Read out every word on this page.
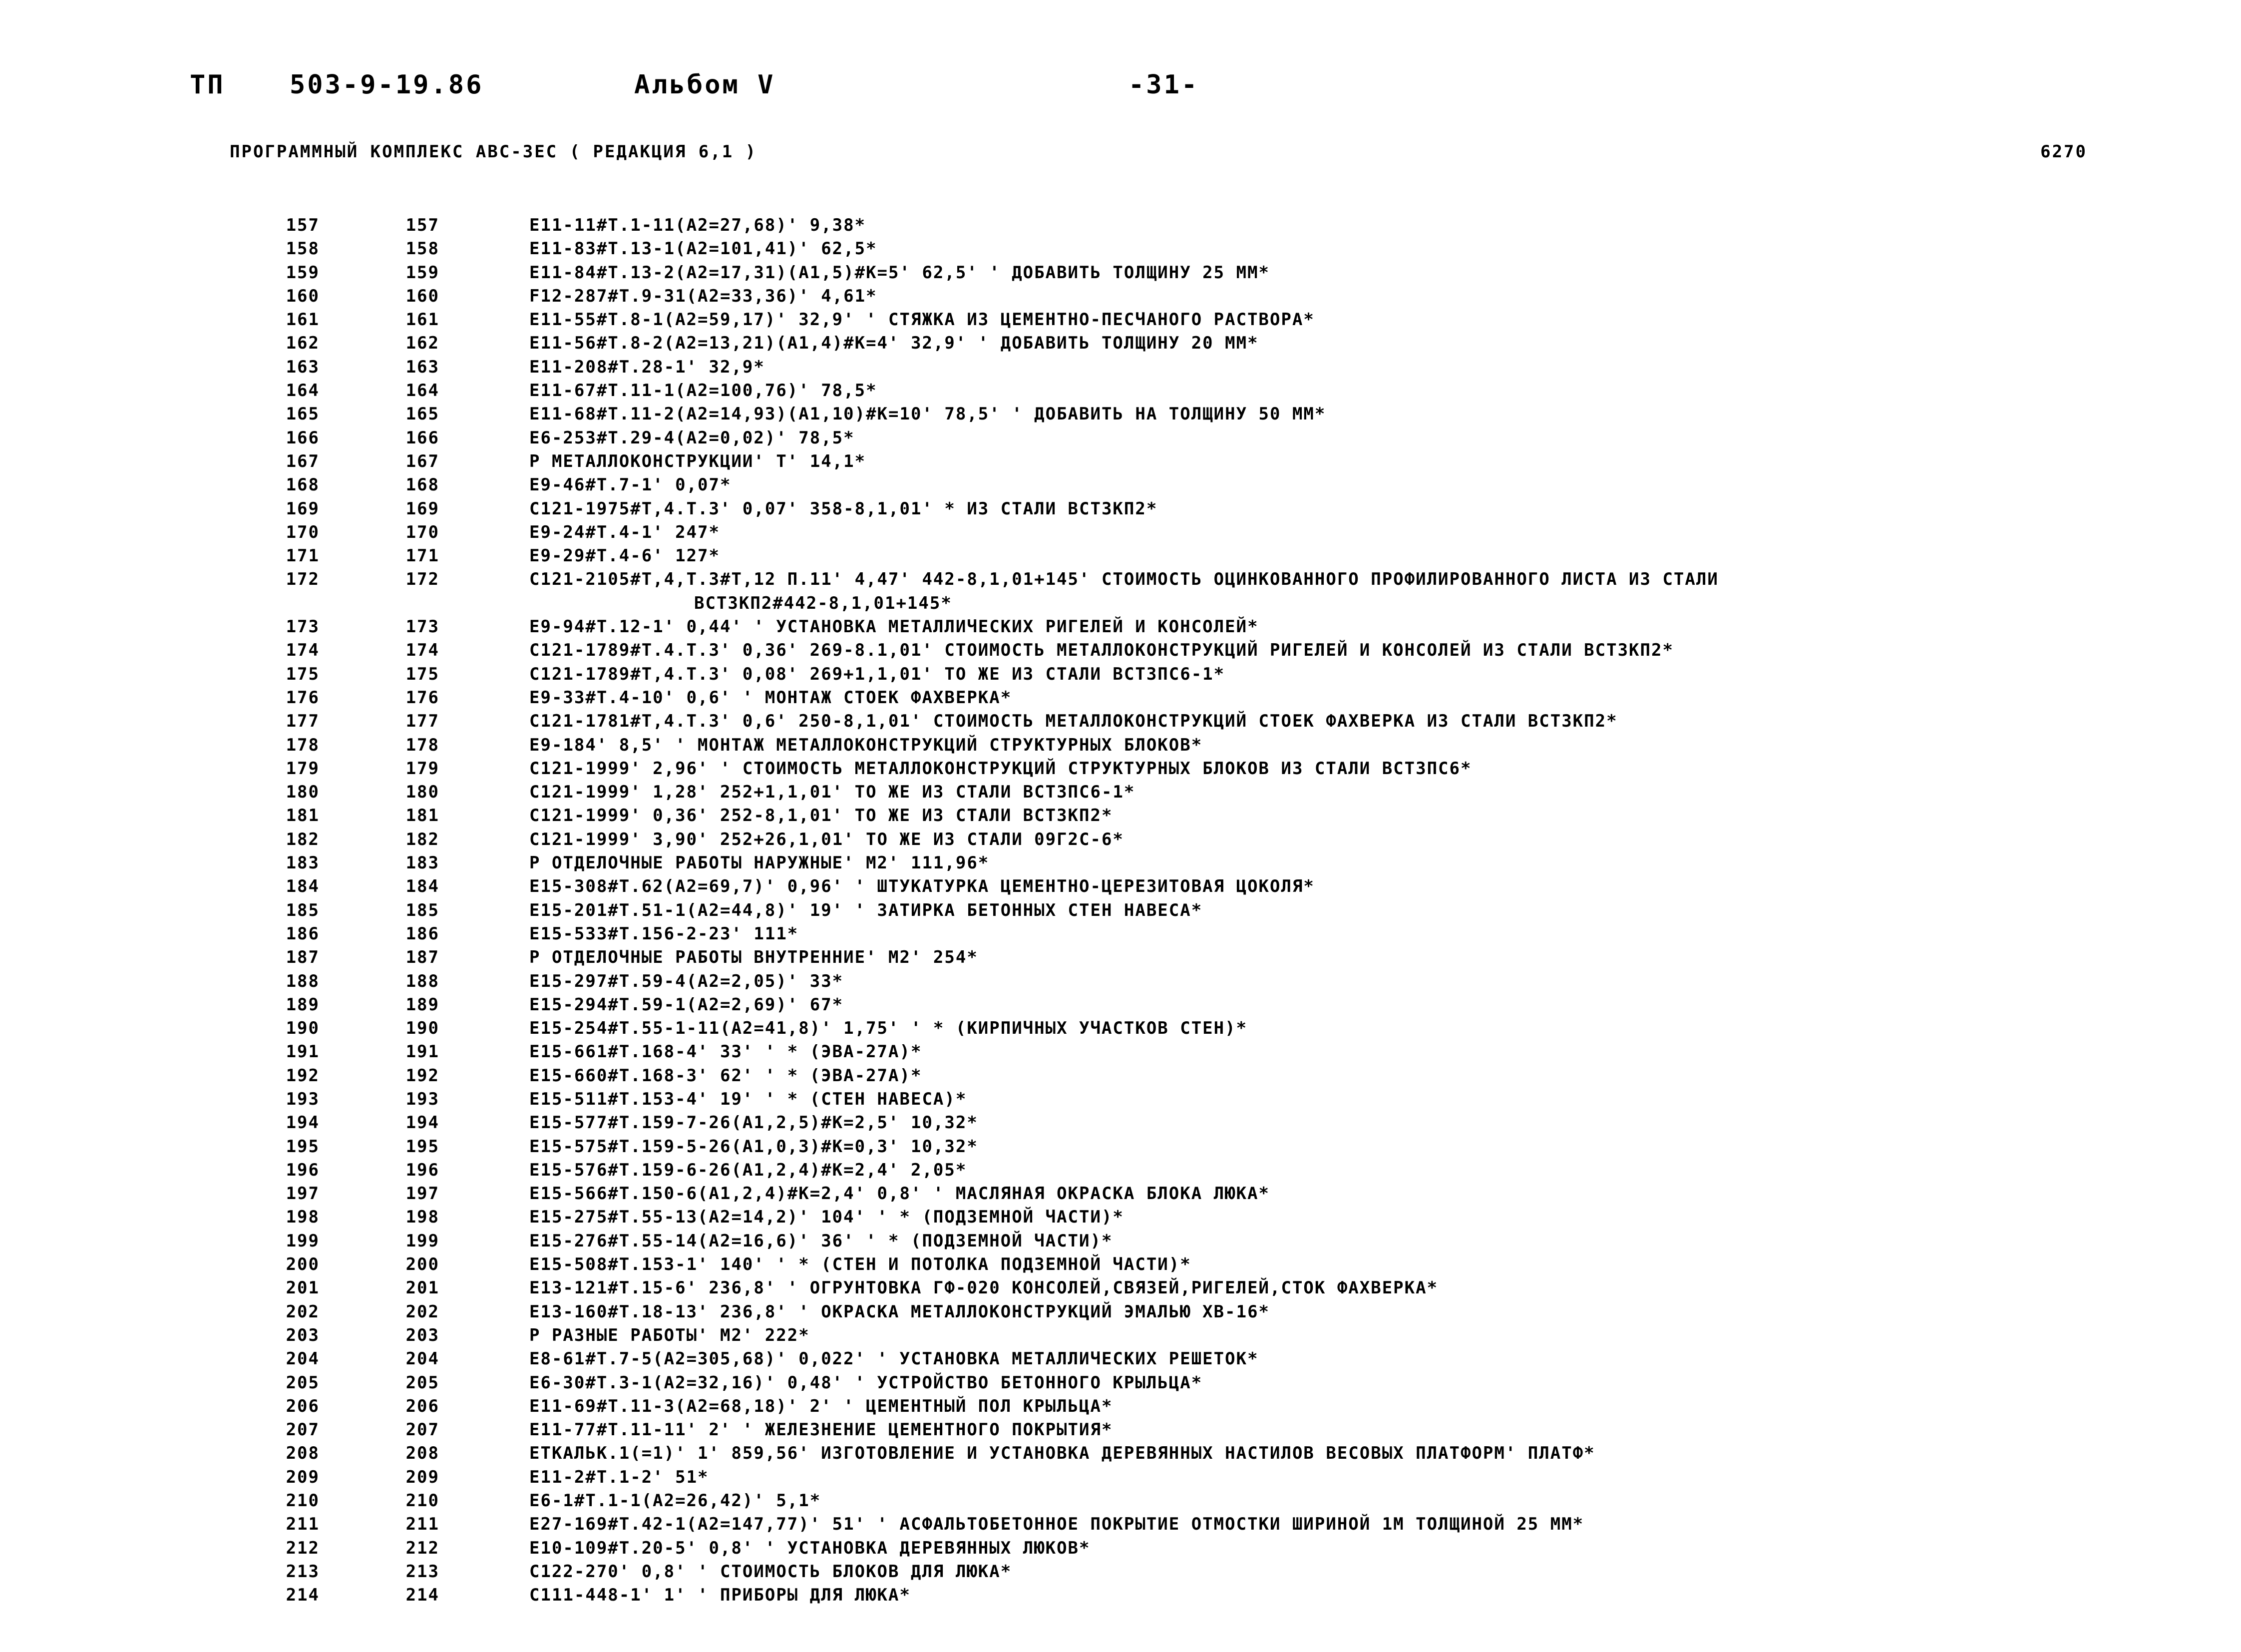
ТП 503-9-19.86	Альбом V	-31-
ПРОГРАММНЫЙ КОМПЛЕКС АВС-3ЕС ( РЕДАКЦИЯ 6,1 )	6270
157	157	Е11-11#Т.1-11(А2=27,68)' 9,38*
158	158	Е11-83#Т.13-1(А2=101,41)' 62,5*
159	159	Е11-84#Т.13-2(А2=17,31)(А1,5)#К=5' 62,5' ' ДОБАВИТЬ ТОЛЩИНУ 25 ММ*
160	160	F12-287#Т.9-31(А2=33,36)' 4,61*
161	161	Е11-55#Т.8-1(А2=59,17)' 32,9' ' СТЯЖКА ИЗ ЦЕМЕНТНО-ПЕСЧАНОГО РАСТВОРА*
162	162	Е11-56#Т.8-2(А2=13,21)(А1,4)#К=4' 32,9' ' ДОБАВИТЬ ТОЛЩИНУ 20 ММ*
163	163	Е11-208#Т.28-1' 32,9*
164	164	Е11-67#Т.11-1(А2=100,76)' 78,5*
165	165	Е11-68#Т.11-2(А2=14,93)(А1,10)#К=10' 78,5' ' ДОБАВИТЬ НА ТОЛЩИНУ 50 ММ*
166	166	Е6-253#Т.29-4(А2=0,02)' 78,5*
167	167	Р МЕТАЛЛОКОНСТРУКЦИИ' Т' 14,1*
168	168	Е9-46#Т.7-1' 0,07*
169	169	С121-1975#Т,4.Т.3' 0,07' 358-8,1,01' * ИЗ СТАЛИ ВСТ3КП2*
170	170	Е9-24#Т.4-1' 247*
171	171	Е9-29#Т.4-6' 127*
172	172	С121-2105#Т,4,Т.3#Т,12 П.11' 4,47' 442-8,1,01+145' СТОИМОСТЬ ОЦИНКОВАННОГО ПРОФИЛИРОВАННОГО ЛИСТА ИЗ СТАЛИ
ВСТ3КП2#442-8,1,01+145*
173	173	Е9-94#Т.12-1' 0,44' ' УСТАНОВКА МЕТАЛЛИЧЕСКИХ РИГЕЛЕЙ И КОНСОЛЕЙ*
174	174	С121-1789#Т.4.Т.3' 0,36' 269-8.1,01' СТОИМОСТЬ МЕТАЛЛОКОНСТРУКЦИЙ РИГЕЛЕЙ И КОНСОЛЕЙ ИЗ СТАЛИ ВСТ3КП2*
175	175	С121-1789#Т,4.Т.3' 0,08' 269+1,1,01' ТО ЖЕ ИЗ СТАЛИ ВСТ3ПС6-1*
176	176	Е9-33#Т.4-10' 0,6' ' МОНТАЖ СТОЕК ФАХВЕРКА*
177	177	С121-1781#Т,4.Т.3' 0,6' 250-8,1,01' СТОИМОСТЬ МЕТАЛЛОКОНСТРУКЦИЙ СТОЕК ФАХВЕРКА ИЗ СТАЛИ ВСТ3КП2*
178	178	Е9-184' 8,5' ' МОНТАЖ МЕТАЛЛОКОНСТРУКЦИЙ СТРУКТУРНЫХ БЛОКОВ*
179	179	С121-1999' 2,96' ' СТОИМОСТЬ МЕТАЛЛОКОНСТРУКЦИЙ СТРУКТУРНЫХ БЛОКОВ ИЗ СТАЛИ ВСТ3ПС6*
180	180	С121-1999' 1,28' 252+1,1,01' ТО ЖЕ ИЗ СТАЛИ ВСТ3ПС6-1*
181	181	С121-1999' 0,36' 252-8,1,01' ТО ЖЕ ИЗ СТАЛИ ВСТ3КП2*
182	182	С121-1999' 3,90' 252+26,1,01' ТО ЖЕ ИЗ СТАЛИ 09Г2С-6*
183	183	Р ОТДЕЛОЧНЫЕ РАБОТЫ НАРУЖНЫЕ' М2' 111,96*
184	184	Е15-308#Т.62(А2=69,7)' 0,96' ' ШТУКАТУРКА ЦЕМЕНТНО-ЦЕРЕЗИТОВАЯ ЦОКОЛЯ*
185	185	Е15-201#Т.51-1(А2=44,8)' 19' ' ЗАТИРКА БЕТОННЫХ СТЕН НАВЕСА*
186	186	Е15-533#Т.156-2-23' 111*
187	187	Р ОТДЕЛОЧНЫЕ РАБОТЫ ВНУТРЕННИЕ' М2' 254*
188	188	Е15-297#Т.59-4(А2=2,05)' 33*
189	189	Е15-294#Т.59-1(А2=2,69)' 67*
190	190	Е15-254#Т.55-1-11(А2=41,8)' 1,75' ' * (КИРПИЧНЫХ УЧАСТКОВ СТЕН)*
191	191	Е15-661#Т.168-4' 33' ' * (ЭВА-27А)*
192	192	Е15-660#Т.168-3' 62' ' * (ЭВА-27А)*
193	193	Е15-511#Т.153-4' 19' ' * (СТЕН НАВЕСА)*
194	194	Е15-577#Т.159-7-26(А1,2,5)#К=2,5' 10,32*
195	195	Е15-575#Т.159-5-26(А1,0,3)#К=0,3' 10,32*
196	196	Е15-576#Т.159-6-26(А1,2,4)#К=2,4' 2,05*
197	197	Е15-566#Т.150-6(А1,2,4)#К=2,4' 0,8' ' МАСЛЯНАЯ ОКРАСКА БЛОКА ЛЮКА*
198	198	Е15-275#Т.55-13(А2=14,2)' 104' ' * (ПОДЗЕМНОЙ ЧАСТИ)*
199	199	Е15-276#Т.55-14(А2=16,6)' 36' ' * (ПОДЗЕМНОЙ ЧАСТИ)*
200	200	Е15-508#Т.153-1' 140' ' * (СТЕН И ПОТОЛКА ПОДЗЕМНОЙ ЧАСТИ)*
201	201	Е13-121#Т.15-6' 236,8' ' ОГРУНТОВКА ГФ-020 КОНСОЛЕЙ,СВЯЗЕЙ,РИГЕЛЕЙ,СТОК ФАХВЕРКА*
202	202	Е13-160#Т.18-13' 236,8' ' ОКРАСКА МЕТАЛЛОКОНСТРУКЦИЙ ЭМАЛЬЮ ХВ-16*
203	203	Р РАЗНЫЕ РАБОТЫ' М2' 222*
204	204	Е8-61#Т.7-5(А2=305,68)' 0,022' ' УСТАНОВКА МЕТАЛЛИЧЕСКИХ РЕШЕТОК*
205	205	Е6-30#Т.3-1(А2=32,16)' 0,48' ' УСТРОЙСТВО БЕТОННОГО КРЫЛЬЦА*
206	206	Е11-69#Т.11-3(А2=68,18)' 2' ' ЦЕМЕНТНЫЙ ПОЛ КРЫЛЬЦА*
207	207	Е11-77#Т.11-11' 2' ' ЖЕЛЕЗНЕНИЕ ЦЕМЕНТНОГО ПОКРЫТИЯ*
208	208	ЕТКАЛЬК.1(=1)' 1' 859,56' ИЗГОТОВЛЕНИЕ И УСТАНОВКА ДЕРЕВЯННЫХ НАСТИЛОВ ВЕСОВЫХ ПЛАТФОРМ' ПЛАТФ*
209	209	Е11-2#Т.1-2' 51*
210	210	Е6-1#Т.1-1(А2=26,42)' 5,1*
211	211	Е27-169#Т.42-1(А2=147,77)' 51' ' АСФАЛЬТОБЕТОННОЕ ПОКРЫТИЕ ОТМОСТКИ ШИРИНОЙ 1М ТОЛЩИНОЙ 25 ММ*
212	212	Е10-109#Т.20-5' 0,8' ' УСТАНОВКА ДЕРЕВЯННЫХ ЛЮКОВ*
213	213	С122-270' 0,8' ' СТОИМОСТЬ БЛОКОВ ДЛЯ ЛЮКА*
214	214	С111-448-1' 1' ' ПРИБОРЫ ДЛЯ ЛЮКА*
